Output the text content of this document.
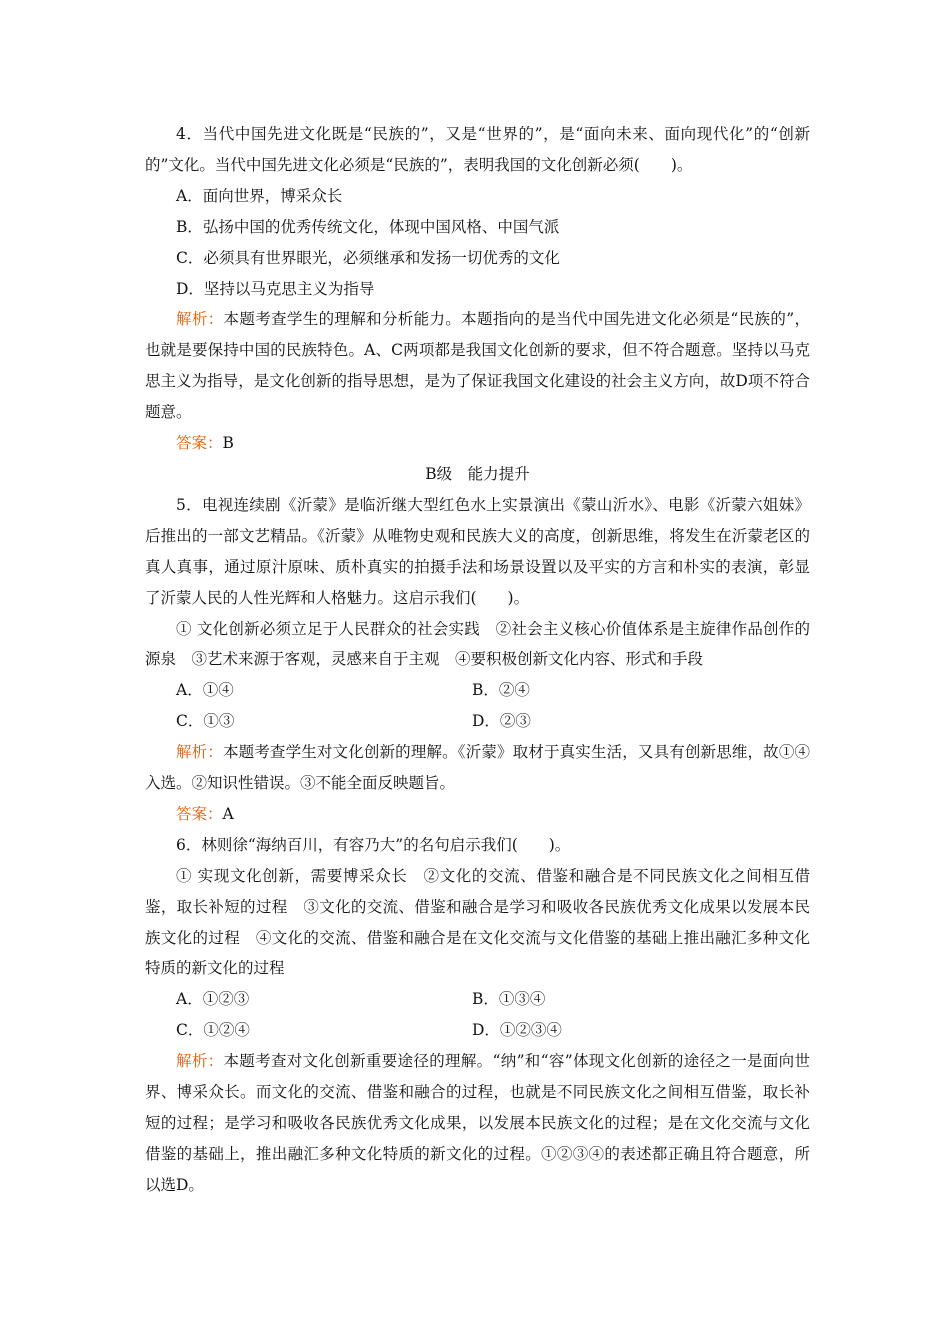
4．当代中国先进文化既是“民族的”，又是“世界的”，是“面向未来、面向现代化”的“创新的”文化。当代中国先进文化必须是“民族的”，表明我国的文化创新必须(　　)。

A．面向世界，博采众长

B．弘扬中国的优秀传统文化，体现中国风格、中国气派

C．必须具有世界眼光，必须继承和发扬一切优秀的文化

D．坚持以马克思主义为指导

解析：本题考查学生的理解和分析能力。本题指向的是当代中国先进文化必须是“民族的”，也就是要保持中国的民族特色。A、C两项都是我国文化创新的要求，但不符合题意。坚持以马克思主义为指导，是文化创新的指导思想，是为了保证我国文化建设的社会主义方向，故D项不符合题意。

答案：B

B级　能力提升

5．电视连续剧《沂蒙》是临沂继大型红色水上实景演出《蒙山沂水》、电影《沂蒙六姐妹》后推出的一部文艺精品。《沂蒙》从唯物史观和民族大义的高度，创新思维，将发生在沂蒙老区的真人真事，通过原汁原味、质朴真实的拍摄手法和场景设置以及平实的方言和朴实的表演，彰显了沂蒙人民的人性光辉和人格魅力。这启示我们(　　)。

① 文化创新必须立足于人民群众的社会实践　②社会主义核心价值体系是主旋律作品创作的源泉　③艺术来源于客观，灵感来自于主观　④要积极创新文化内容、形式和手段

A．①④	B．②④
C．①③	D．②③

解析：本题考查学生对文化创新的理解。《沂蒙》取材于真实生活，又具有创新思维，故①④入选。②知识性错误。③不能全面反映题旨。

答案：A

6．林则徐“海纳百川，有容乃大”的名句启示我们(　　)。

① 实现文化创新，需要博采众长　②文化的交流、借鉴和融合是不同民族文化之间相互借鉴，取长补短的过程　③文化的交流、借鉴和融合是学习和吸收各民族优秀文化成果以发展本民族文化的过程　④文化的交流、借鉴和融合是在文化交流与文化借鉴的基础上推出融汇多种文化特质的新文化的过程

A．①②③	B．①③④
C．①②④	D．①②③④

解析：本题考查对文化创新重要途径的理解。“纳”和“容”体现文化创新的途径之一是面向世界、博采众长。而文化的交流、借鉴和融合的过程，也就是不同民族文化之间相互借鉴，取长补短的过程；是学习和吸收各民族优秀文化成果，以发展本民族文化的过程；是在文化交流与文化借鉴的基础上，推出融汇多种文化特质的新文化的过程。①②③④的表述都正确且符合题意，所以选D。
